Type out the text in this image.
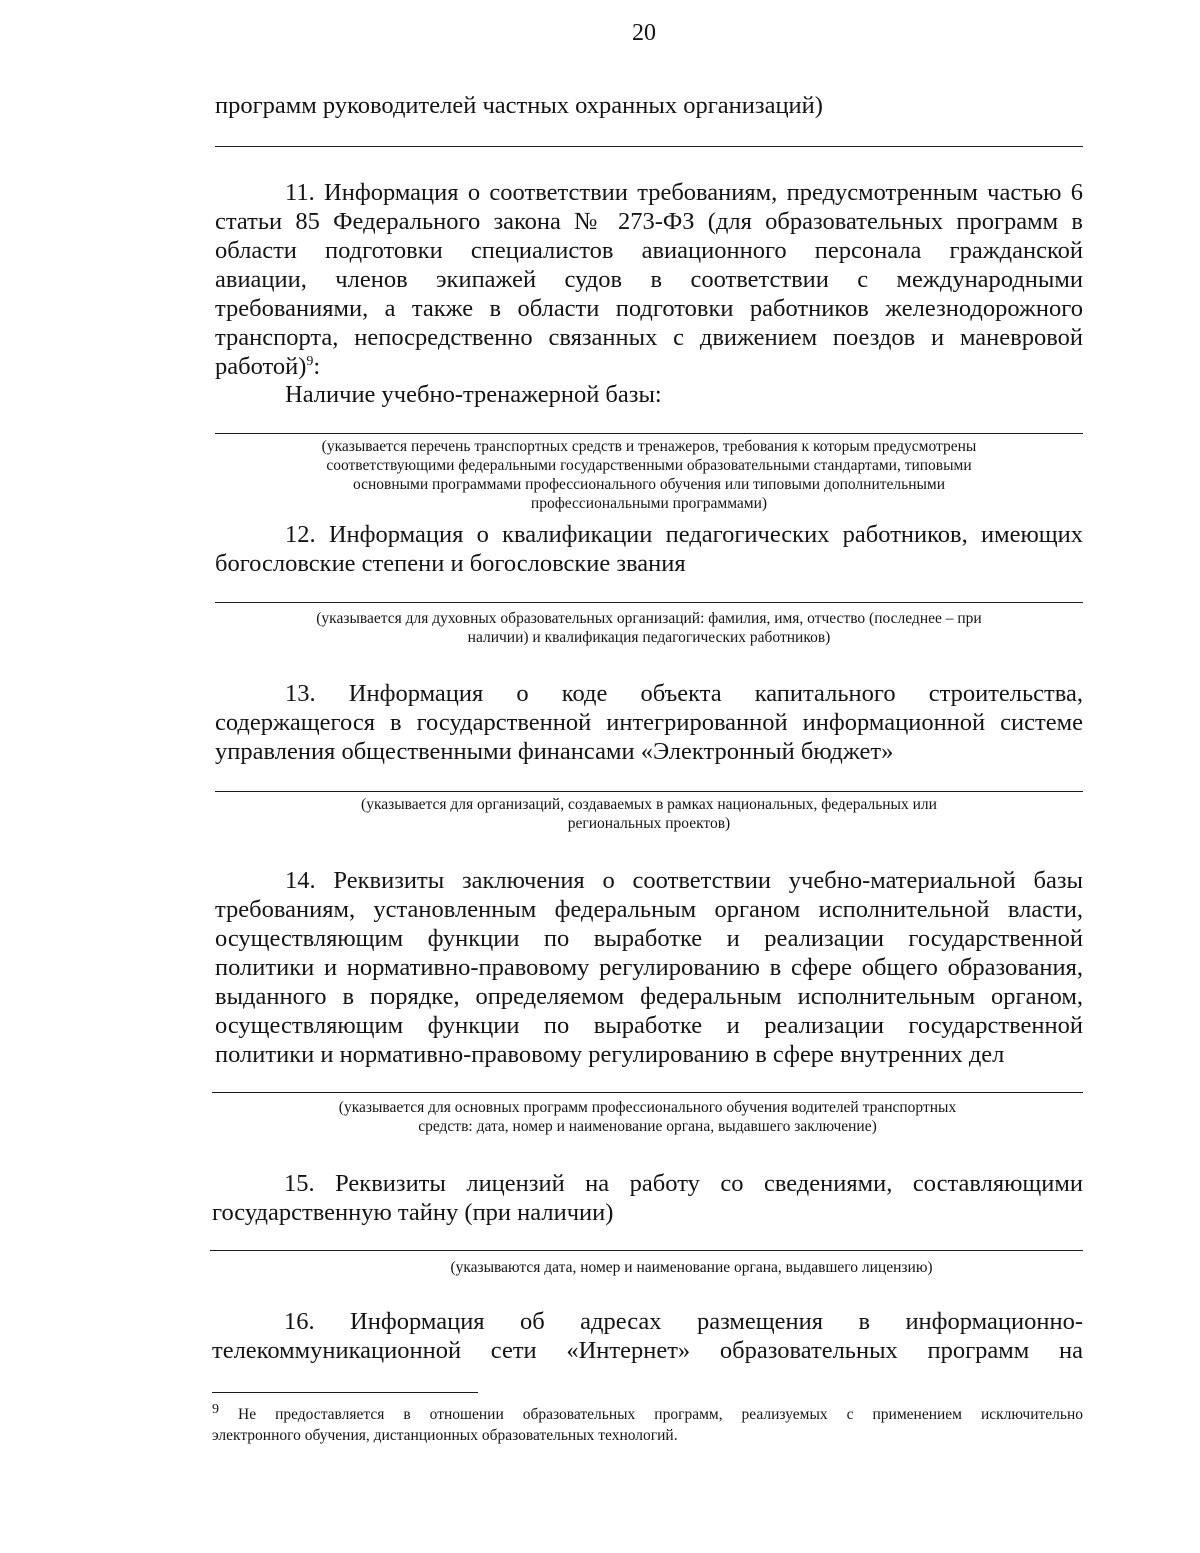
20
программ руководителей частных охранных организаций)
11. Информация о соответствии требованиям, предусмотренным частью 6
статьи 85 Федерального закона № 273-ФЗ (для образовательных программ в
области подготовки специалистов авиационного персонала гражданской
авиации, членов экипажей судов в соответствии с международными
требованиями, а также в области подготовки работников железнодорожного
транспорта, непосредственно связанных с движением поездов и маневровой
работой)$^9$:
Наличие учебно-тренажерной базы:
(указывается перечень транспортных средств и тренажеров, требования к которым предусмотрены
соответствующими федеральными государственными образовательными стандартами, типовыми
основными программами профессионального обучения или типовыми дополнительными
профессиональными программами)
12. Информация о квалификации педагогических работников, имеющих
богословские степени и богословские звания
(указывается для духовных образовательных организаций: фамилия, имя, отчество (последнее – при
наличии) и квалификация педагогических работников)
13. Информация о коде объекта капитального строительства,
содержащегося в государственной интегрированной информационной системе
управления общественными финансами «Электронный бюджет»
(указывается для организаций, создаваемых в рамках национальных, федеральных или
региональных проектов)
14. Реквизиты заключения о соответствии учебно-материальной базы
требованиям, установленным федеральным органом исполнительной власти,
осуществляющим функции по выработке и реализации государственной
политики и нормативно-правовому регулированию в сфере общего образования,
выданного в порядке, определяемом федеральным исполнительным органом,
осуществляющим функции по выработке и реализации государственной
политики и нормативно-правовому регулированию в сфере внутренних дел
(указывается для основных программ профессионального обучения водителей транспортных
средств: дата, номер и наименование органа, выдавшего заключение)
15. Реквизиты лицензий на работу со сведениями, составляющими
государственную тайну (при наличии)
(указываются дата, номер и наименование органа, выдавшего лицензию)
16. Информация об адресах размещения в информационно-
телекоммуникационной сети «Интернет» образовательных программ на
$^9$ Не предоставляется в отношении образовательных программ, реализуемых с применением исключительно
электронного обучения, дистанционных образовательных технологий.
